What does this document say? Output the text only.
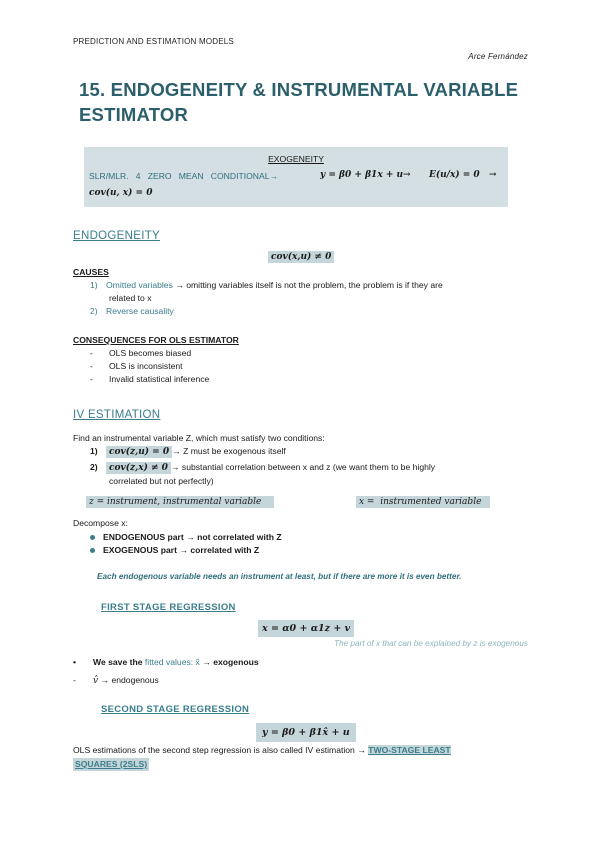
PREDICTION AND ESTIMATION MODELS
Arce Fernández
15. ENDOGENEITY & INSTRUMENTAL VARIABLE
ESTIMATOR
EXOGENEITY
SLR/MLR.   4   ZERO   MEAN   CONDITIONAL→	y = β0 + β1x + u→ E(u/x) = 0   →
cov(u, x) = 0
ENDOGENEITY
cov(x,u) ≠ 0
CAUSES
1) Omitted variables → omitting variables itself is not the problem, the problem is if they are
related to x
2) Reverse causality
CONSEQUENCES FOR OLS ESTIMATOR
- OLS becomes biased
- OLS is inconsistent
- Invalid statistical inference
IV ESTIMATION
Find an instrumental variable Z, which must satisfy two conditions:
1) cov(z,u) = 0 → Z must be exogenous itself
2) cov(z,x) ≠ 0 → substantial correlation between x and z (we want them to be highly
correlated but not perfectly)
z = instrument, instrumental variable	x =  instrumented variable
Decompose x:
ENDOGENOUS part → not correlated with Z
EXOGENOUS part → correlated with Z
Each endogenous variable needs an instrument at least, but if there are more it is even better.
FIRST STAGE REGRESSION
x = α0 + α1z + v
The part of x that can be explained by z is exogenous
• We save the fitted values: x̂ → exogenous
- v̂ → endogenous
SECOND STAGE REGRESSION
y = β0 + β1x̂ + u
OLS estimations of the second step regression is also called IV estimation → TWO-STAGE LEAST
SQUARES (2SLS)
